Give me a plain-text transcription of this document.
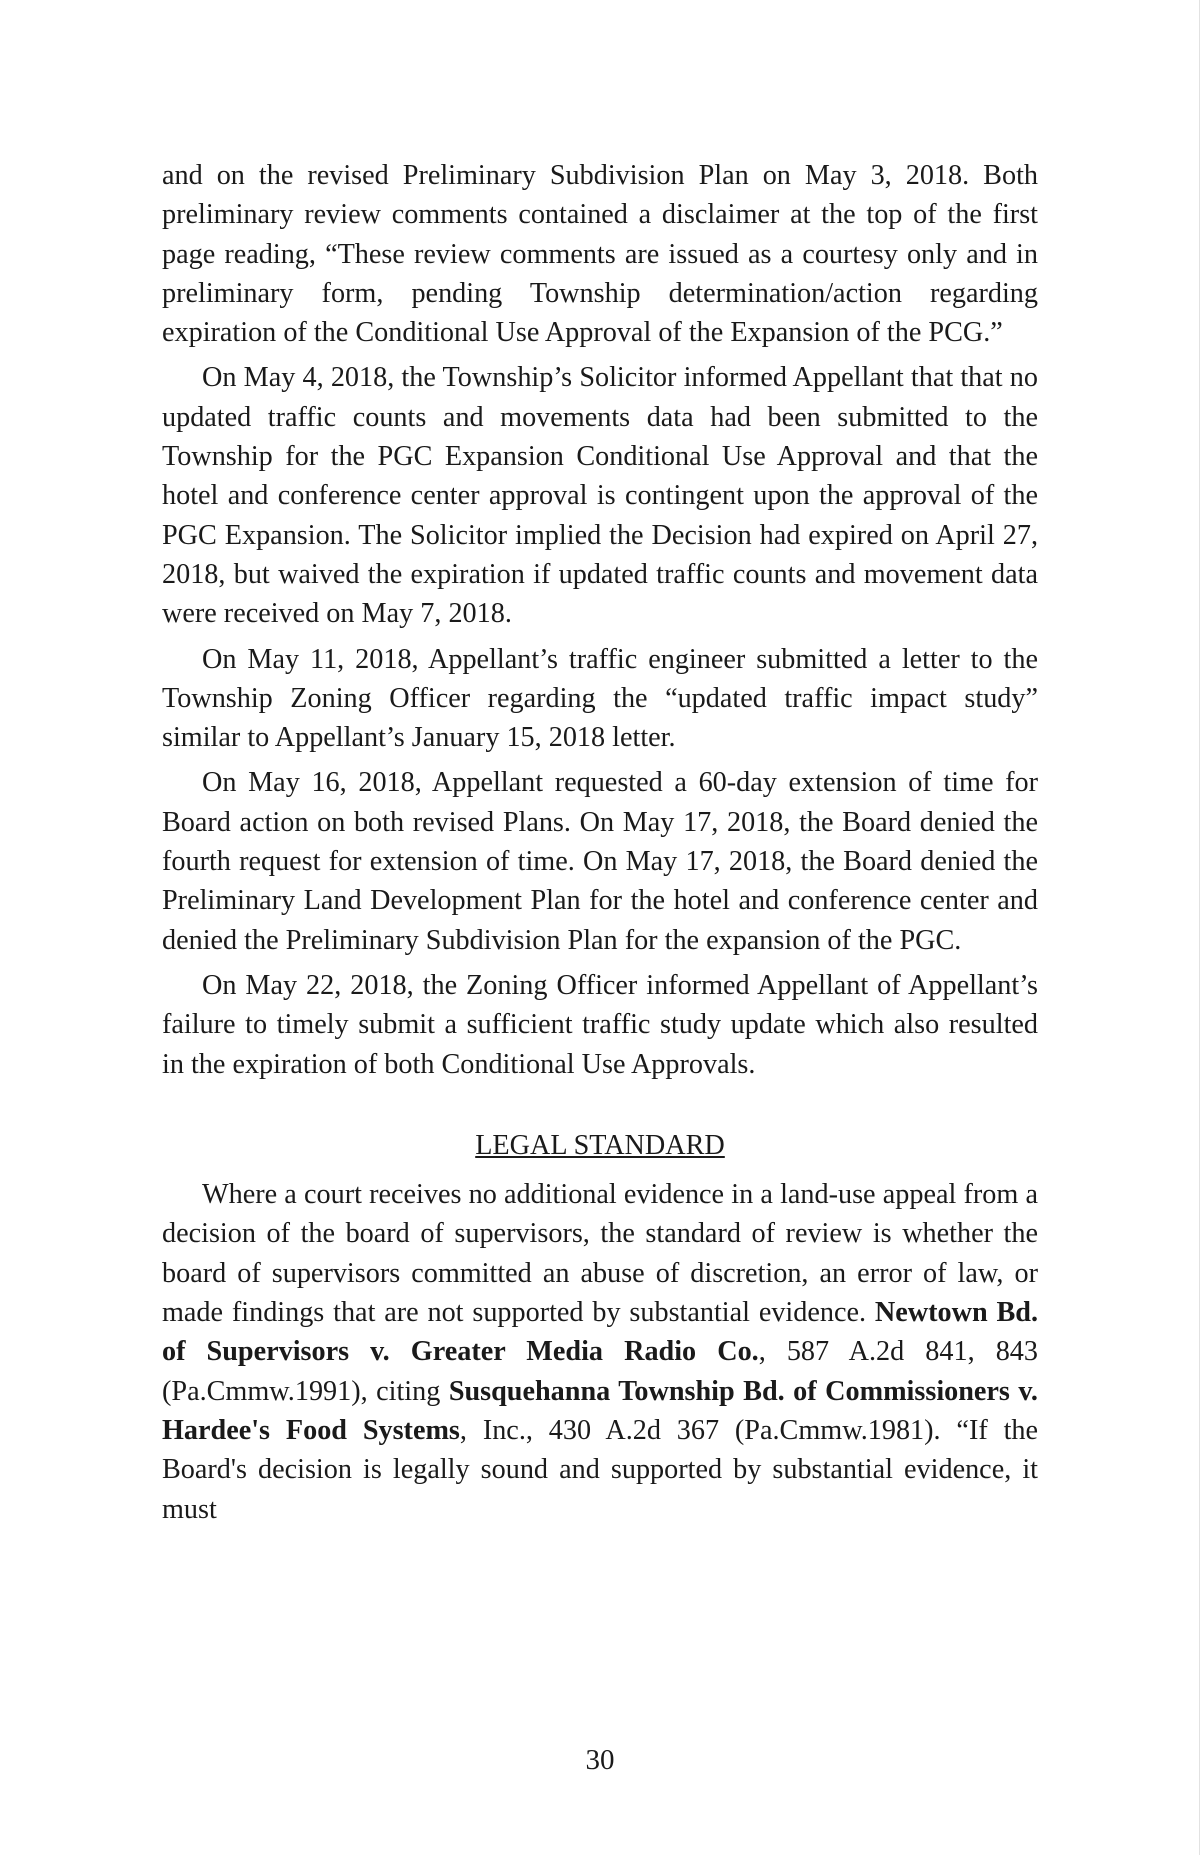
and on the revised Preliminary Subdivision Plan on May 3, 2018. Both preliminary review comments contained a disclaimer at the top of the first page reading, “These review comments are issued as a courtesy only and in preliminary form, pending Township determination/action regarding expiration of the Conditional Use Approval of the Expansion of the PCG.”

On May 4, 2018, the Township’s Solicitor informed Appellant that that no updated traffic counts and movements data had been submitted to the Township for the PGC Expansion Conditional Use Approval and that the hotel and conference center approval is contingent upon the approval of the PGC Expansion. The Solicitor implied the Decision had expired on April 27, 2018, but waived the expiration if updated traffic counts and movement data were received on May 7, 2018.

On May 11, 2018, Appellant’s traffic engineer submitted a letter to the Township Zoning Officer regarding the “updated traffic impact study” similar to Appellant’s January 15, 2018 letter.

On May 16, 2018, Appellant requested a 60-day extension of time for Board action on both revised Plans. On May 17, 2018, the Board denied the fourth request for extension of time. On May 17, 2018, the Board denied the Preliminary Land Development Plan for the hotel and conference center and denied the Preliminary Subdivision Plan for the expansion of the PGC.

On May 22, 2018, the Zoning Officer informed Appellant of Appellant’s failure to timely submit a sufficient traffic study update which also resulted in the expiration of both Conditional Use Approvals.

LEGAL STANDARD

Where a court receives no additional evidence in a land-use appeal from a decision of the board of supervisors, the standard of review is whether the board of supervisors committed an abuse of discretion, an error of law, or made findings that are not supported by substantial evidence. Newtown Bd. of Supervisors v. Greater Media Radio Co., 587 A.2d 841, 843 (Pa.Cmmw.1991), citing Susquehanna Township Bd. of Commissioners v. Hardee's Food Systems, Inc., 430 A.2d 367 (Pa.Cmmw.1981). “If the Board's decision is legally sound and supported by substantial evidence, it must

30
